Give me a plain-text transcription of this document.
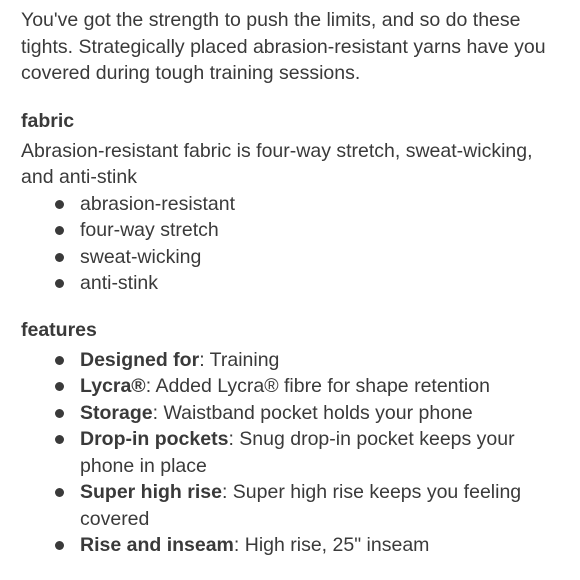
You've got the strength to push the limits, and so do these tights. Strategically placed abrasion-resistant yarns have you covered during tough training sessions.

fabric

Abrasion-resistant fabric is four-way stretch, sweat-wicking, and anti-stink

abrasion-resistant
four-way stretch
sweat-wicking
anti-stink
features
Designed for: Training
Lycra®: Added Lycra® fibre for shape retention
Storage: Waistband pocket holds your phone
Drop-in pockets: Snug drop-in pocket keeps your phone in place
Super high rise: Super high rise keeps you feeling covered
Rise and inseam: High rise, 25" inseam
